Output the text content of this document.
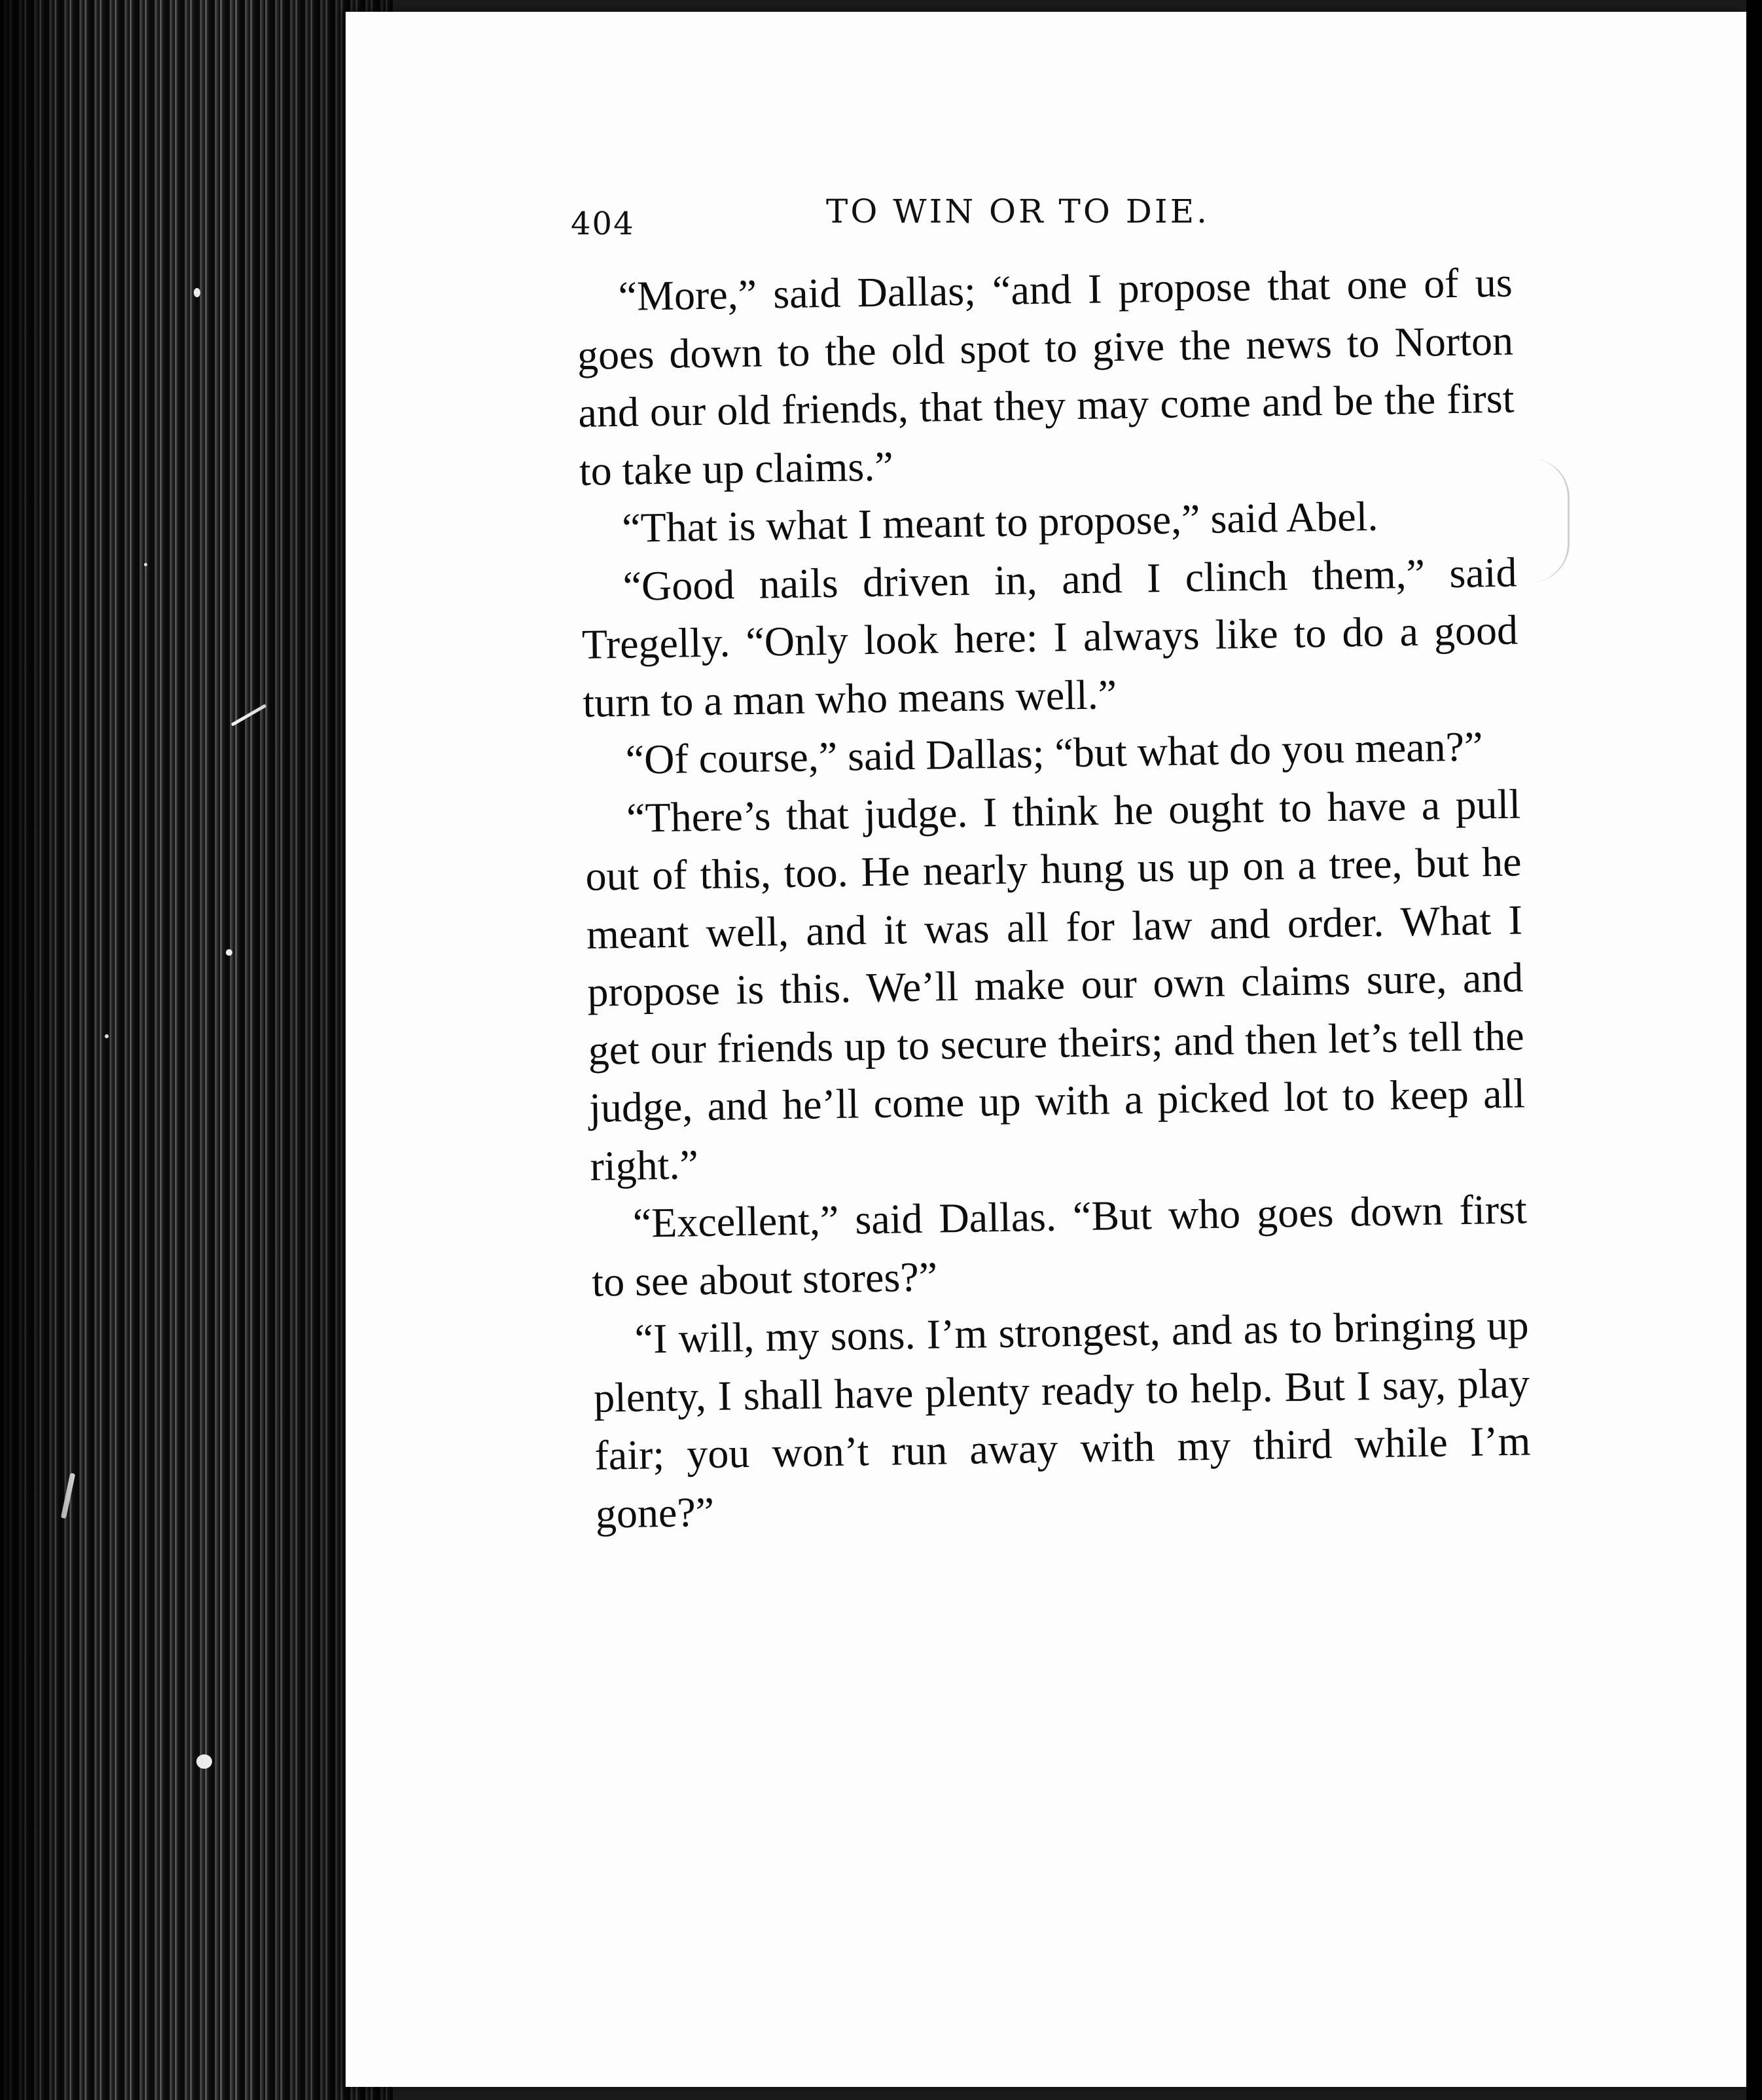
404	TO WIN OR TO DIE.

“More,” said Dallas; “and I propose that one of us goes down to the old spot to give the news to Norton and our old friends, that they may come and be the first to take up claims.”

“That is what I meant to propose,” said Abel.

“Good nails driven in, and I clinch them,” said Tregelly. “Only look here: I always like to do a good turn to a man who means well.”

“Of course,” said Dallas; “but what do you mean?”

“There’s that judge. I think he ought to have a pull out of this, too. He nearly hung us up on a tree, but he meant well, and it was all for law and order. What I propose is this. We’ll make our own claims sure, and get our friends up to secure theirs; and then let’s tell the judge, and he’ll come up with a picked lot to keep all right.”

“Excellent,” said Dallas. “But who goes down first to see about stores?”

“I will, my sons. I’m strongest, and as to bringing up plenty, I shall have plenty ready to help. But I say, play fair; you won’t run away with my third while I’m gone?”
